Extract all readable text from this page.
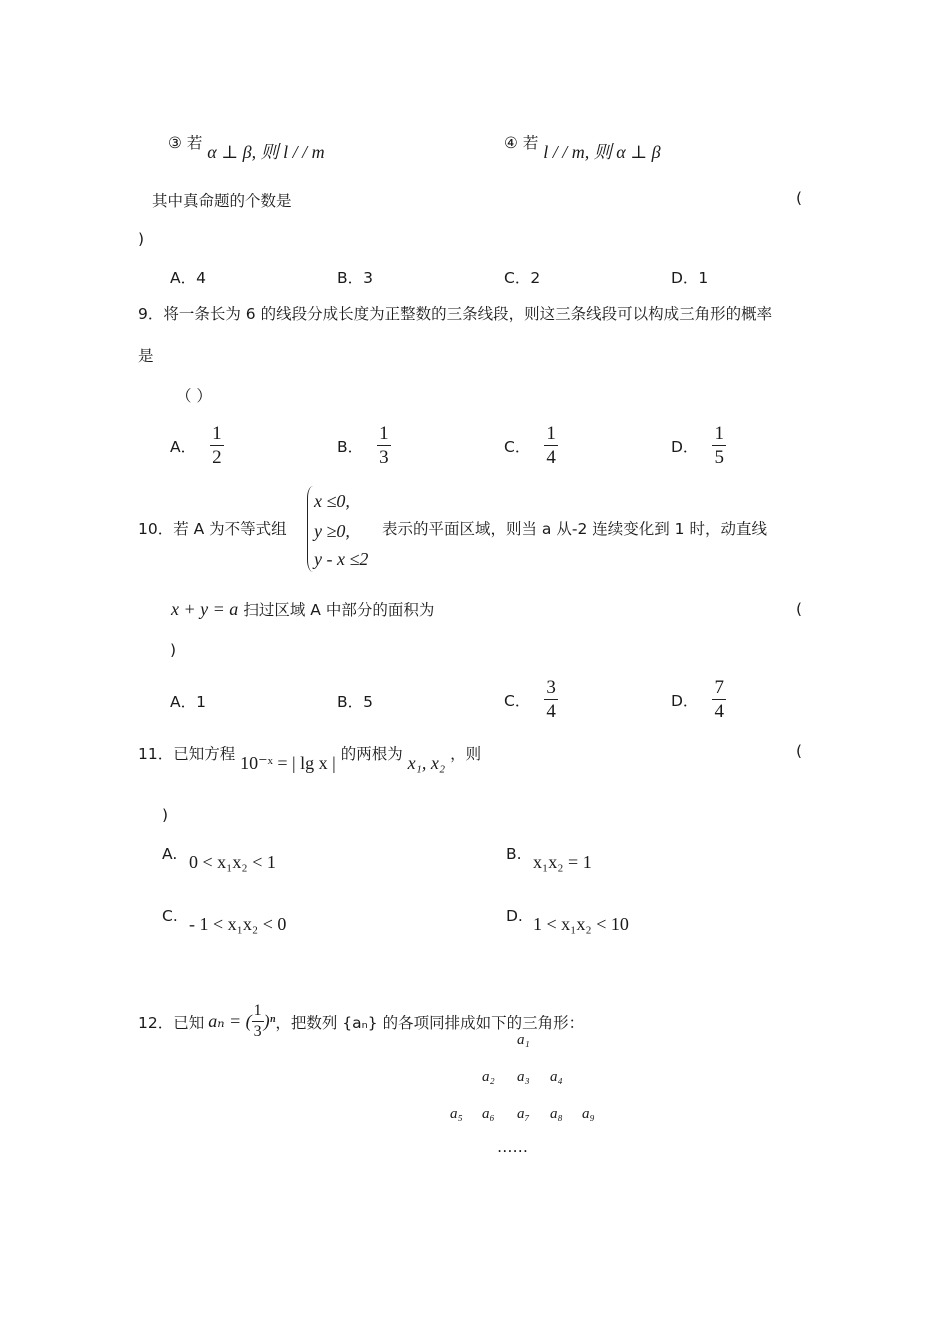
③ 若 α ⊥ β, 则 l / / m	④ 若 l / / m, 则 α ⊥ β
其中真命题的个数是	(
)
A．4	B．3	C．2	D．1
9．将一条长为 6 的线段分成长度为正整数的三条线段，则这三条线段可以构成三角形的概率
是
（ ）
A． $\frac{1}{2}$	B． $\frac{1}{3}$	C． $\frac{1}{4}$	D． $\frac{1}{5}$
10．若 A 为不等式组
x ≤0,
y ≥0,
y - x ≤2
表示的平面区域，则当 a 从-2 连续变化到 1 时，动直线
x + y = a 扫过区域 A 中部分的面积为	(
)
A．1	B．5	C． $\frac{3}{4}$	D． $\frac{7}{4}$
11．已知方程 10⁻ˣ = | lg x | 的两根为 x₁, x₂ ，则	(
)
A. 0 < x₁x₂ < 1	B. x₁x₂ = 1
C. - 1 < x₁x₂ < 0	D. 1 < x₁x₂ < 10
12．已知 aₙ = ( $\frac{1}{3} )^n$ ，把数列 {aₙ} 的各项同排成如下的三角形：
a₁
a₂ a₃ a₄
a₅ a₆ a₇ a₈ a₉
……
